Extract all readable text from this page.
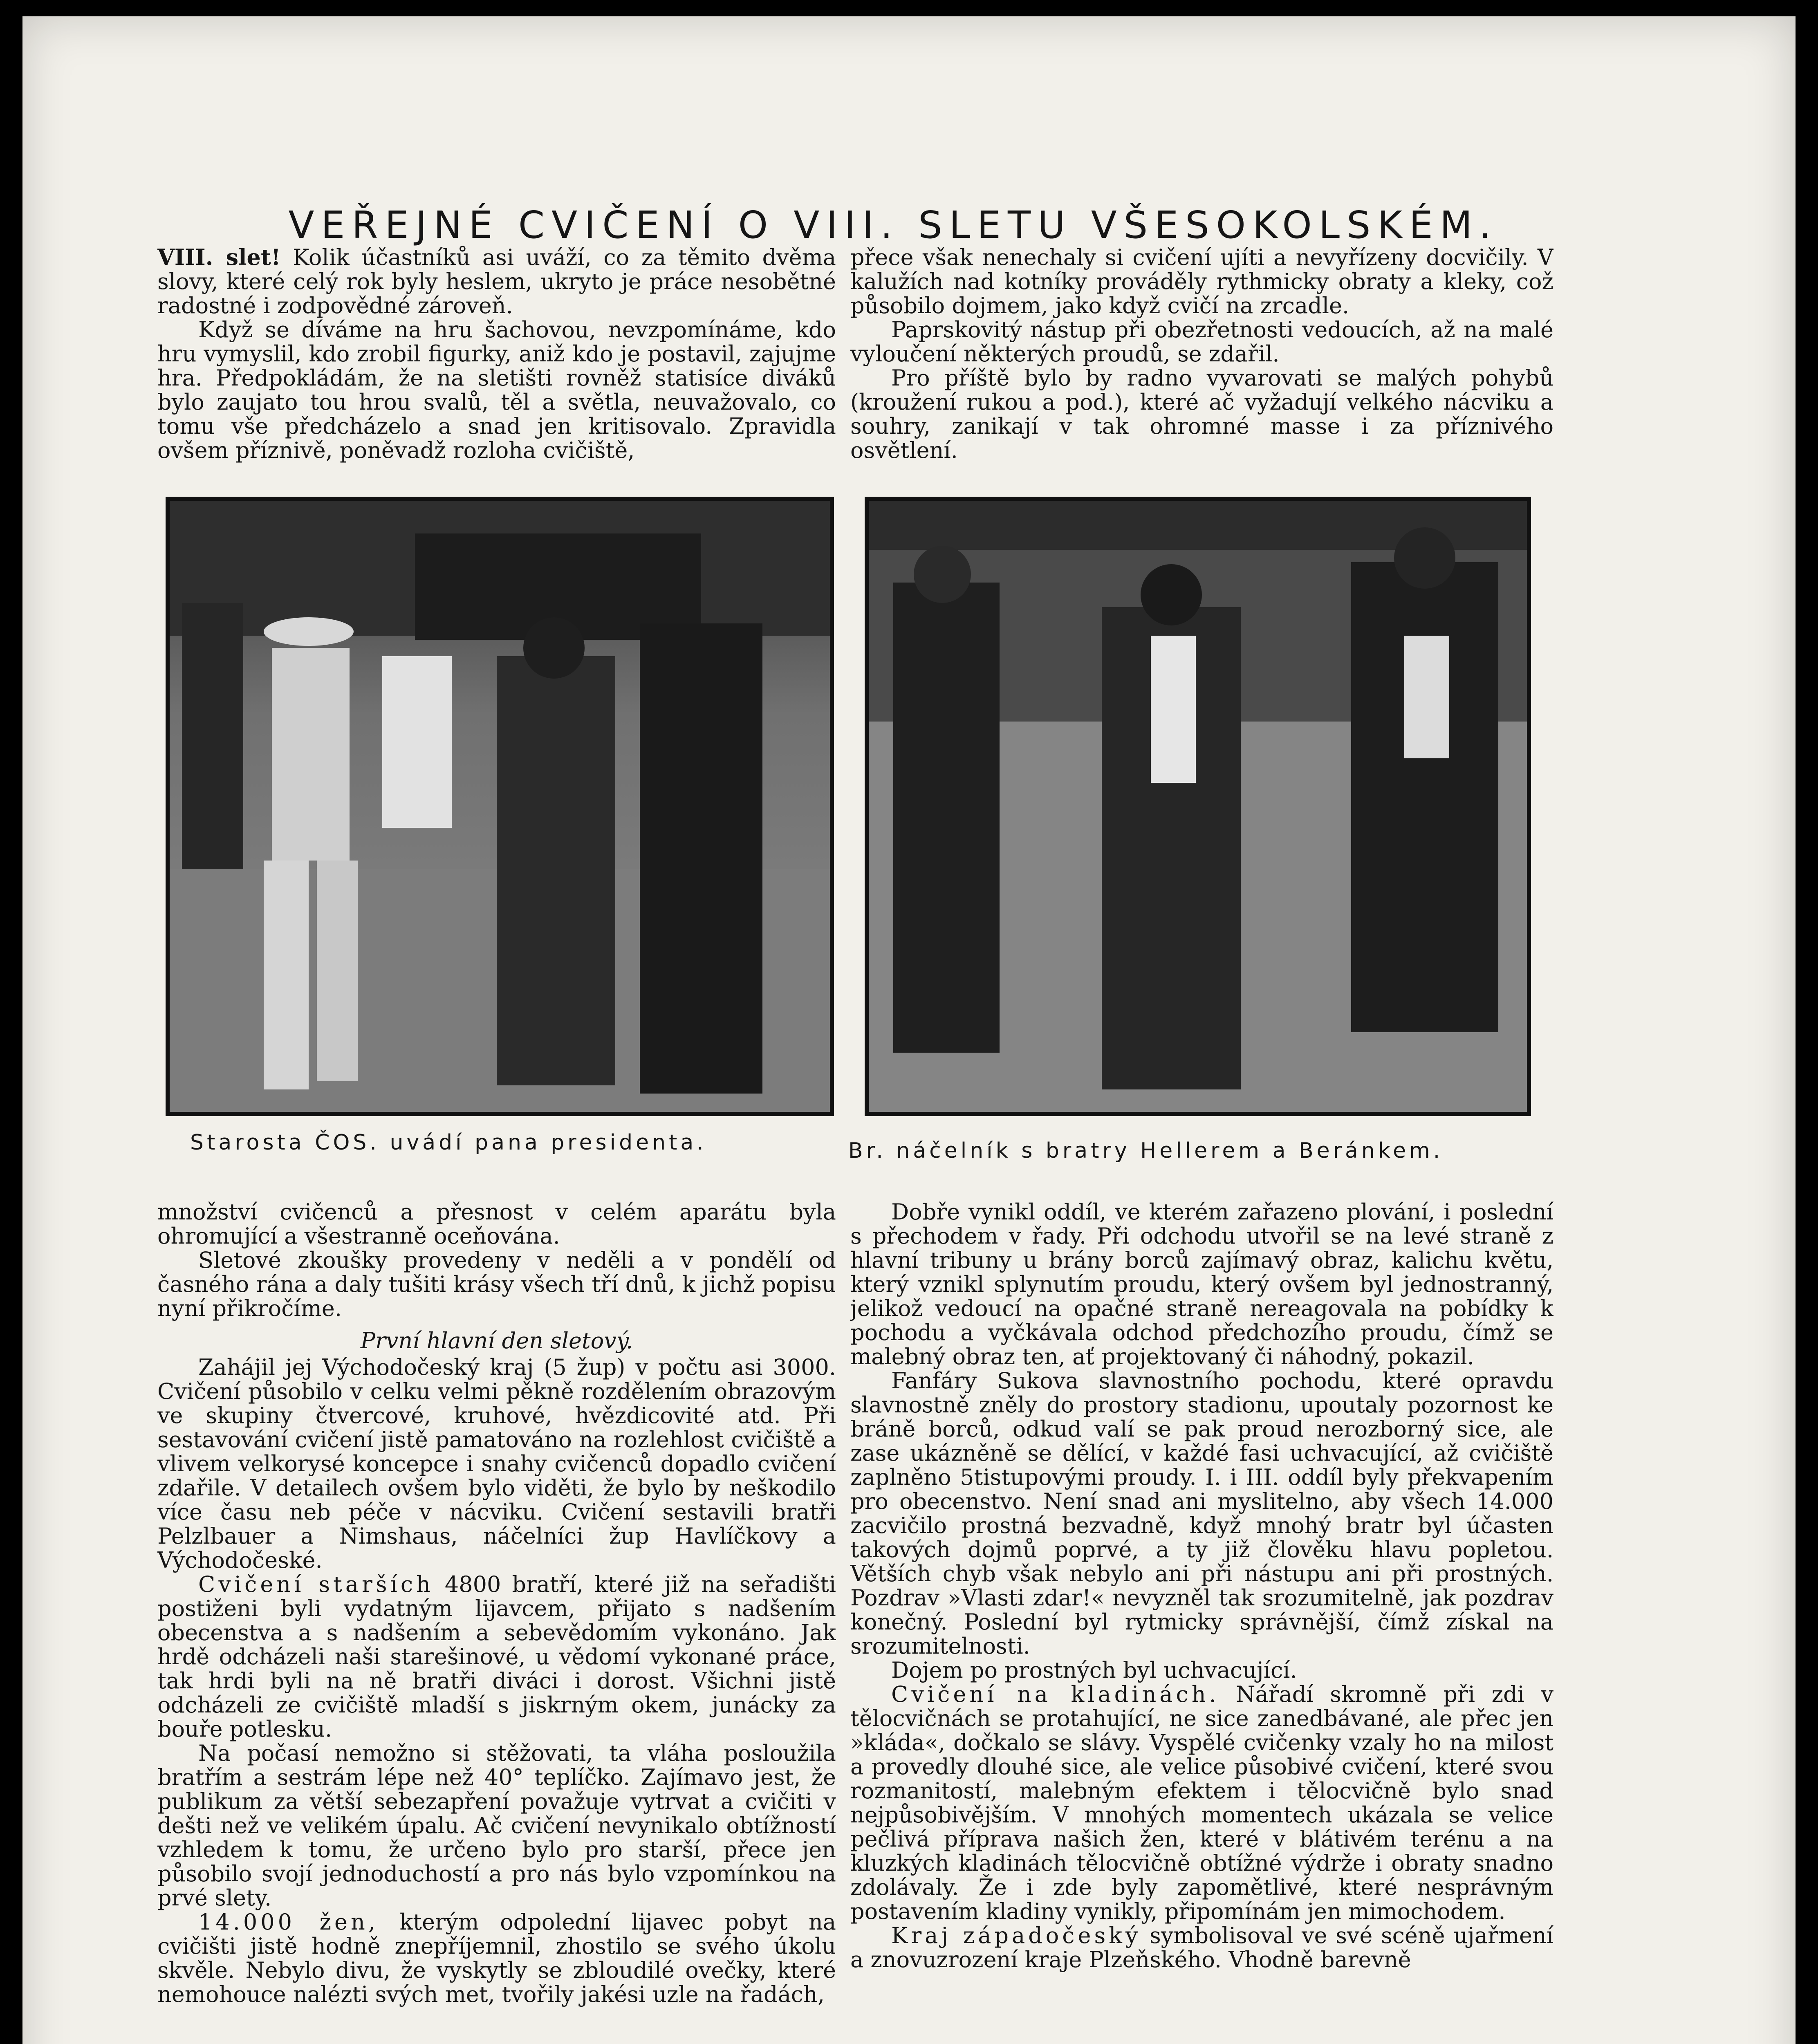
VEŘEJNÉ CVIČENÍ O VIII. SLETU VŠESOKOLSKÉM.

VIII. slet! Kolik účastníků asi uváží, co za těmito dvěma slovy, které celý rok byly heslem, ukryto je práce nesobětné radostné i zodpovědné zároveň.

Když se díváme na hru šachovou, nevzpomínáme, kdo hru vymyslil, kdo zrobil figurky, aniž kdo je postavil, zajujme hra. Předpokládám, že na sletišti rovněž statisíce diváků bylo zaujato tou hrou svalů, těl a světla, neuvažovalo, co tomu vše předcházelo a snad jen kritisovalo. Zpravidla ovšem příznivě, poněvadž rozloha cvičiště,

přece však nenechaly si cvičení ujíti a nevyřízeny docvičily. V kalužích nad kotníky prováděly rythmicky obraty a kleky, což působilo dojmem, jako když cvičí na zrcadle.

Paprskovitý nástup při obezřetnosti vedoucích, až na malé vyloučení některých proudů, se zdařil.

Pro příště bylo by radno vyvarovati se malých pohybů (kroužení rukou a pod.), které ač vyžadují velkého nácviku a souhry, zanikají v tak ohromné masse i za příznivého osvětlení.

Starosta ČOS. uvádí pana presidenta.	Br. náčelník s bratry Hellerem a Beránkem.

množství cvičenců a přesnost v celém aparátu byla ohromující a všestranně oceňována.

Sletové zkoušky provedeny v neděli a v pondělí od časného rána a daly tušiti krásy všech tří dnů, k jichž popisu nyní přikročíme.

První hlavní den sletový.

Zahájil jej Východočeský kraj (5 žup) v počtu asi 3000. Cvičení působilo v celku velmi pěkně rozdělením obrazovým ve skupiny čtvercové, kruhové, hvězdicovité atd. Při sestavování cvičení jistě pamatováno na rozlehlost cvičiště a vlivem velkorysé koncepce i snahy cvičenců dopadlo cvičení zdařile. V detailech ovšem bylo viděti, že bylo by neškodilo více času neb péče v nácviku. Cvičení sestavili bratři Pelzlbauer a Nimshaus, náčelníci žup Havlíčkovy a Východočeské.

Cvičení starších 4800 bratří, které již na seřadišti postiženi byli vydatným lijavcem, přijato s nadšením obecenstva a s nadšením a sebevědomím vykonáno. Jak hrdě odcházeli naši starešinové, u vědomí vykonané práce, tak hrdi byli na ně bratři diváci i dorost. Všichni jistě odcházeli ze cvičiště mladší s jiskrným okem, junácky za bouře potlesku.

Na počasí nemožno si stěžovati, ta vláha posloužila bratřím a sestrám lépe než 40° teplíčko. Zajímavo jest, že publikum za větší sebezapření považuje vytrvat a cvičiti v dešti než ve velikém úpalu. Ač cvičení nevynikalo obtížností vzhledem k tomu, že určeno bylo pro starší, přece jen působilo svojí jednoduchostí a pro nás bylo vzpomínkou na prvé slety.

14.000 žen, kterým odpolední lijavec pobyt na cvičišti jistě hodně znepříjemnil, zhostilo se svého úkolu skvěle. Nebylo divu, že vyskytly se zbloudilé ovečky, které nemohouce nalézti svých met, tvořily jakési uzle na řadách,

Dobře vynikl oddíl, ve kterém zařazeno plování, i poslední s přechodem v řady. Při odchodu utvořil se na levé straně z hlavní tribuny u brány borců zajímavý obraz, kalichu květu, který vznikl splynutím proudu, který ovšem byl jednostranný, jelikož vedoucí na opačné straně nereagovala na pobídky k pochodu a vyčkávala odchod předchozího proudu, čímž se malebný obraz ten, ať projektovaný či náhodný, pokazil.

Fanfáry Sukova slavnostního pochodu, které opravdu slavnostně zněly do prostory stadionu, upoutaly pozornost ke bráně borců, odkud valí se pak proud nerozborný sice, ale zase ukázněně se dělící, v každé fasi uchvacující, až cvičiště zaplněno 5tistupovými proudy. I. i III. oddíl byly překvapením pro obecenstvo. Není snad ani myslitelno, aby všech 14.000 zacvičilo prostná bezvadně, když mnohý bratr byl účasten takových dojmů poprvé, a ty již člověku hlavu popletou. Větších chyb však nebylo ani při nástupu ani při prostných. Pozdrav »Vlasti zdar!« nevyzněl tak srozumitelně, jak pozdrav konečný. Poslední byl rytmicky správnější, čímž získal na srozumitelnosti.

Dojem po prostných byl uchvacující.

Cvičení na kladinách. Nářadí skromně při zdi v tělocvičnách se protahující, ne sice zanedbávané, ale přec jen »kláda«, dočkalo se slávy. Vyspělé cvičenky vzaly ho na milost a provedly dlouhé sice, ale velice působivé cvičení, které svou rozmanitostí, malebným efektem i tělocvičně bylo snad nejpůsobivějším. V mnohých momentech ukázala se velice pečlivá příprava našich žen, které v blátivém terénu a na kluzkých kladinách tělocvičně obtížné výdrže i obraty snadno zdolávaly. Že i zde byly zapomětlivé, které nesprávným postavením kladiny vynikly, připomínám jen mimochodem.

Kraj západočeský symbolisoval ve své scéně ujařmení a znovuzrození kraje Plzeňského. Vhodně barevně
